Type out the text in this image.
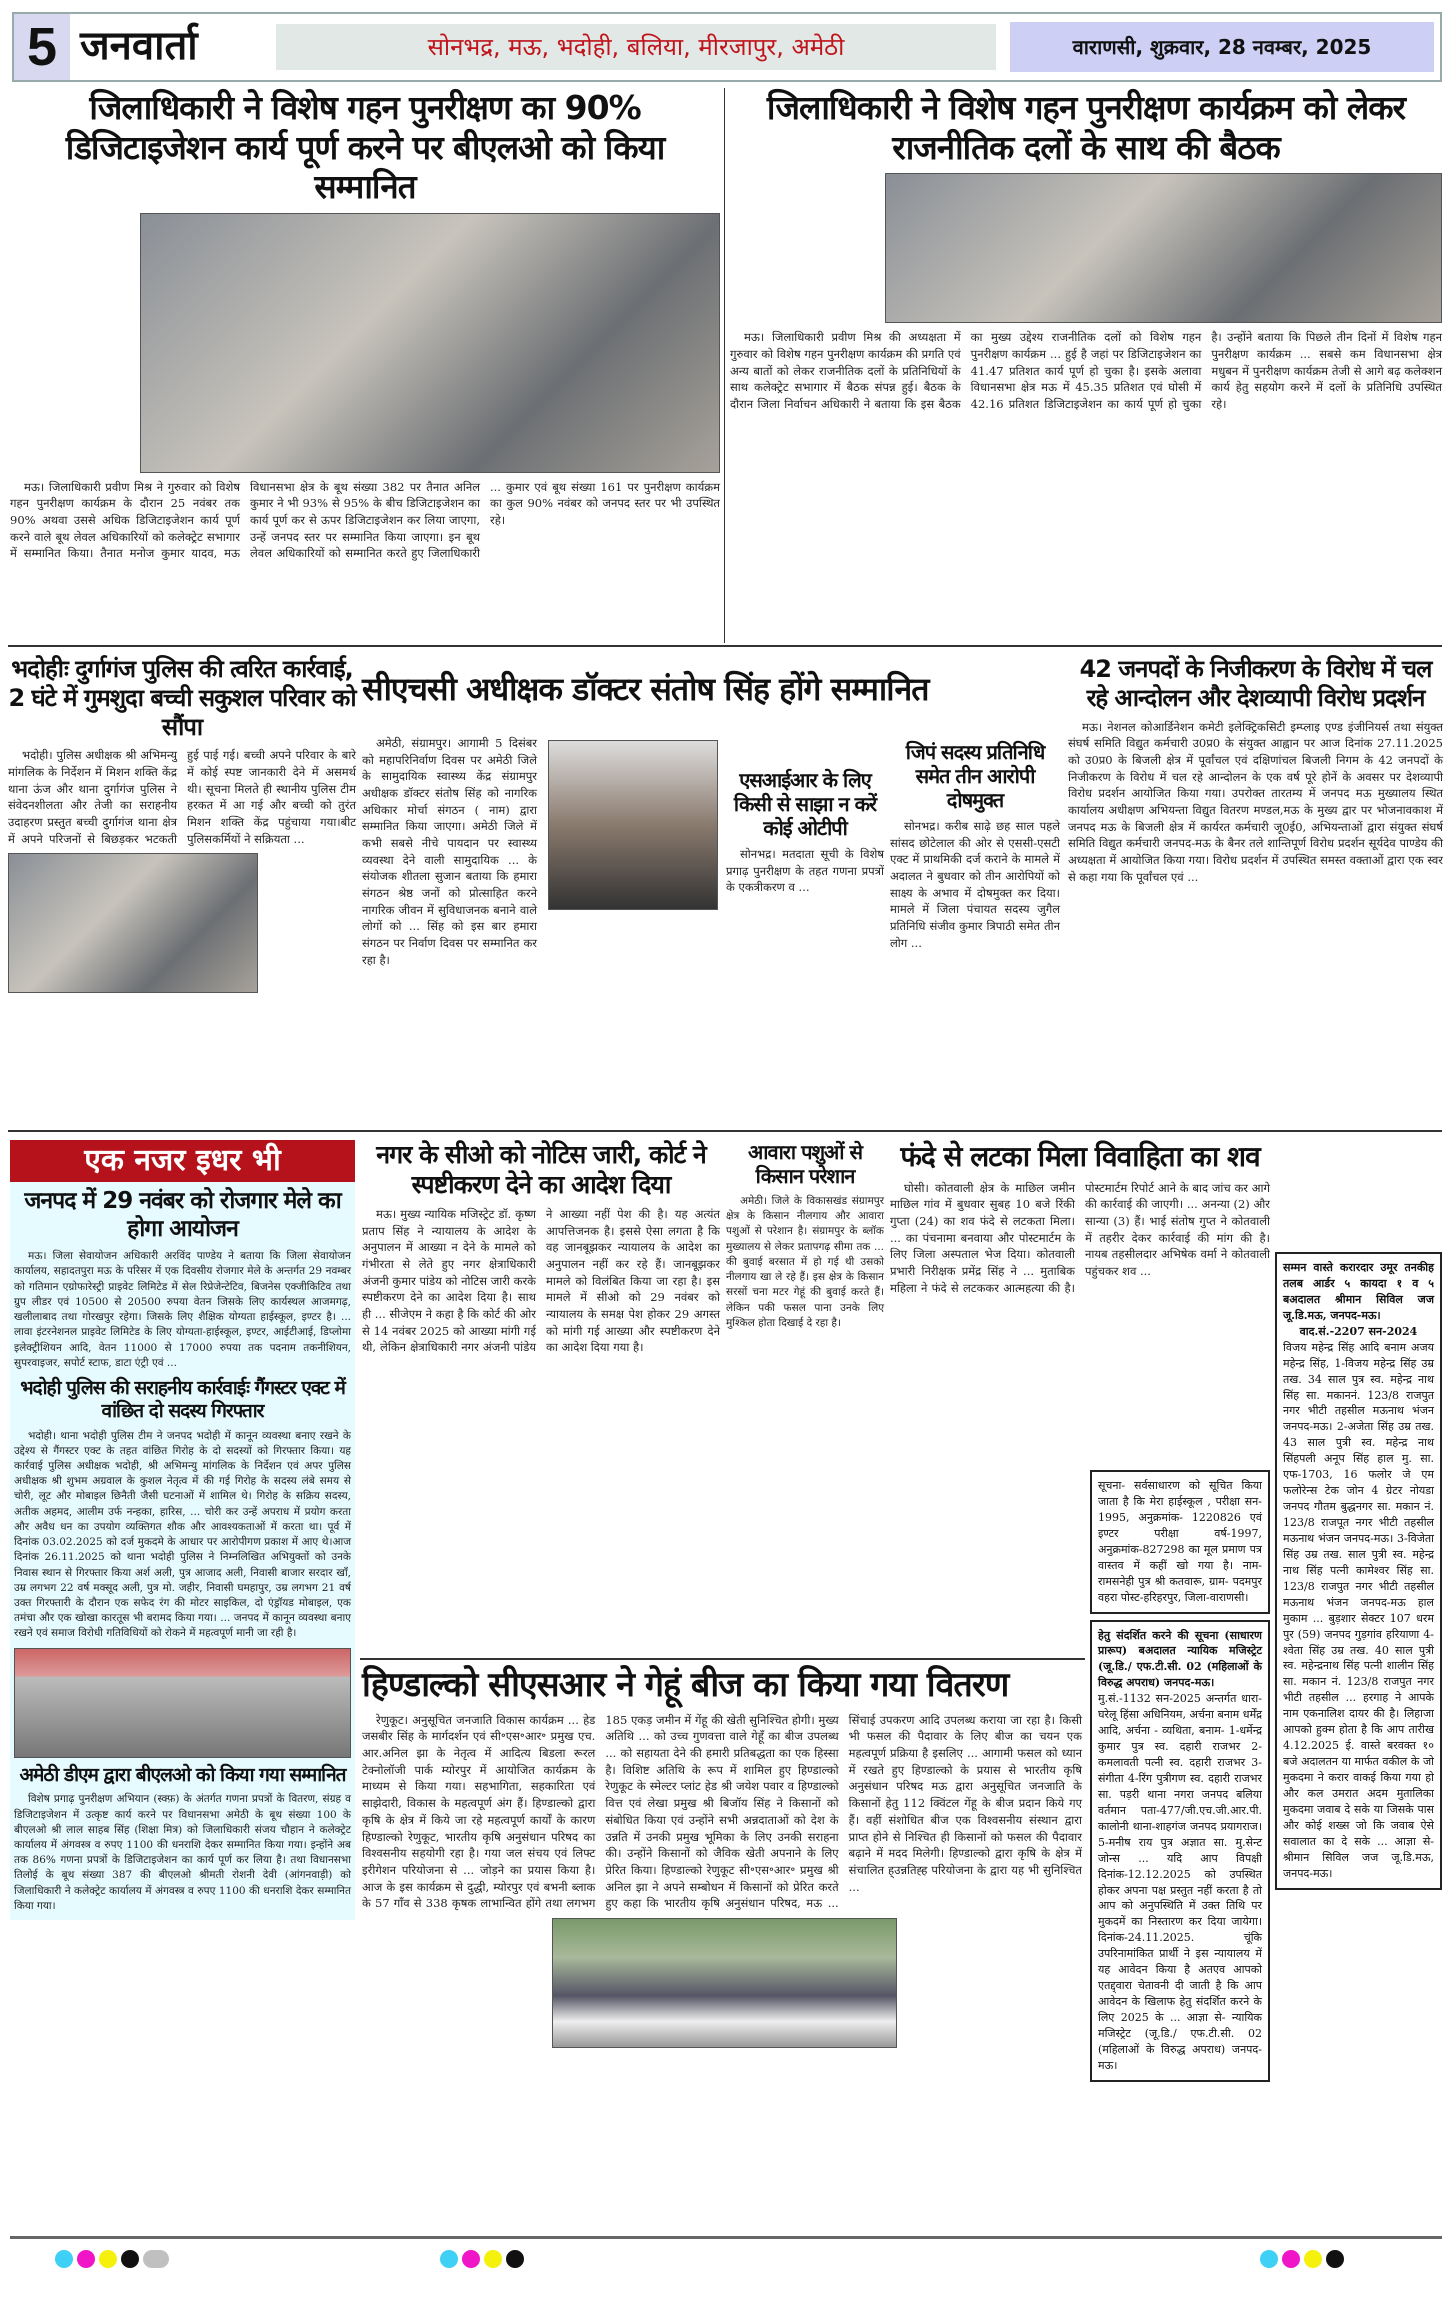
5 जनवार्ता	सोनभद्र, मऊ, भदोही, बलिया, मीरजापुर, अमेठी	वाराणसी, शुक्रवार, 28 नवम्बर, 2025
जिलाधिकारी ने विशेष गहन पुनरीक्षण का 90% डिजिटाइजेशन कार्य पूर्ण करने पर बीएलओ को किया सम्मानित

मऊ। जिलाधिकारी प्रवीण मिश्र ने गुरुवार को विशेष गहन पुनरीक्षण कार्यक्रम के दौरान 25 नवंबर तक 90% अथवा उससे अधिक डिजिटाइजेशन कार्य पूर्ण करने वाले बूथ लेवल अधिकारियों को कलेक्ट्रेट सभागार में सम्मानित किया। तैनात मनोज कुमार यादव, मऊ विधानसभा क्षेत्र के बूथ संख्या 382 पर तैनात अनिल कुमार ने भी 93% से 95% के बीच डिजिटाइजेशन का कार्य पूर्ण कर से ऊपर डिजिटाइजेशन कर लिया जाएगा, उन्हें जनपद स्तर पर सम्मानित किया जाएगा। इन बूथ लेवल अधिकारियों को सम्मानित करते हुए जिलाधिकारी ... कुमार एवं बूथ संख्या 161 पर पुनरीक्षण कार्यक्रम का कुल 90% नवंबर को जनपद स्तर पर भी उपस्थित रहे।

जिलाधिकारी ने विशेष गहन पुनरीक्षण कार्यक्रम को लेकर राजनीतिक दलों के साथ की बैठक

मऊ। जिलाधिकारी प्रवीण मिश्र की अध्यक्षता में गुरुवार को विशेष गहन पुनरीक्षण कार्यक्रम की प्रगति एवं अन्य बातों को लेकर राजनीतिक दलों के प्रतिनिधियों के साथ कलेक्ट्रेट सभागार में बैठक संपन्न हुई। बैठक के दौरान जिला निर्वाचन अधिकारी ने बताया कि इस बैठक का मुख्य उद्देश्य राजनीतिक दलों को विशेष गहन पुनरीक्षण कार्यक्रम ... हुई है जहां पर डिजिटाइजेशन का 41.47 प्रतिशत कार्य पूर्ण हो चुका है। इसके अलावा विधानसभा क्षेत्र मऊ में 45.35 प्रतिशत एवं घोसी में 42.16 प्रतिशत डिजिटाइजेशन का कार्य पूर्ण हो चुका है। उन्होंने बताया कि पिछले तीन दिनों में विशेष गहन पुनरीक्षण कार्यक्रम ... सबसे कम विधानसभा क्षेत्र मधुबन में पुनरीक्षण कार्यक्रम तेजी से आगे बढ़ कलेक्शन कार्य हेतु सहयोग करने में दलों के प्रतिनिधि उपस्थित रहे।

भदोहीः दुर्गागंज पुलिस की त्वरित कार्रवाई, 2 घंटे में गुमशुदा बच्ची सकुशल परिवार को सौंपा

भदोही। पुलिस अधीक्षक श्री अभिमन्यु मांगलिक के निर्देशन में मिशन शक्ति केंद्र थाना ऊंज और थाना दुर्गागंज पुलिस ने संवेदनशीलता और तेजी का सराहनीय उदाहरण प्रस्तुत बच्ची दुर्गागंज थाना क्षेत्र में अपने परिजनों से बिछड़कर भटकती हुई पाई गई। बच्ची अपने परिवार के बारे में कोई स्पष्ट जानकारी देने में असमर्थ थी। सूचना मिलते ही स्थानीय पुलिस टीम हरकत में आ गई और बच्ची को तुरंत मिशन शक्ति केंद्र पहुंचाया गया।बीट पुलिसकर्मियों ने सक्रियता ...

सीएचसी अधीक्षक डॉक्टर संतोष सिंह होंगे सम्मानित

अमेठी, संग्रामपुर। आगामी 5 दिसंबर को महापरिनिर्वाण दिवस पर अमेठी जिले के सामुदायिक स्वास्थ्य केंद्र संग्रामपुर अधीक्षक डॉक्टर संतोष सिंह को नागरिक अधिकार मोर्चा संगठन ( नाम) द्वारा सम्मानित किया जाएगा। अमेठी जिले में कभी सबसे नीचे पायदान पर स्वास्थ्य व्यवस्था देने वाली सामुदायिक ... के संयोजक शीतला सुजान बताया कि हमारा संगठन श्रेष्ठ जनों को प्रोत्साहित करने नागरिक जीवन में सुविधाजनक बनाने वाले लोगों को ... सिंह को इस बार हमारा संगठन पर निर्वाण दिवस पर सम्मानित कर रहा है।

एसआईआर के लिए किसी से साझा न करें कोई ओटीपी

सोनभद्र। मतदाता सूची के विशेष प्रगाढ़ पुनरीक्षण के तहत गणना प्रपत्रों के एकत्रीकरण व ...

जिपं सदस्य प्रतिनिधि समेत तीन आरोपी दोषमुक्त

सोनभद्र। करीब साढ़े छह साल पहले सांसद छोटेलाल की ओर से एससी-एसटी एक्ट में प्राथमिकी दर्ज कराने के मामले में अदालत ने बुधवार को तीन आरोपियों को साक्ष्य के अभाव में दोषमुक्त कर दिया। मामले में जिला पंचायत सदस्य जुगैल प्रतिनिधि संजीव कुमार त्रिपाठी समेत तीन लोग ...

42 जनपदों के निजीकरण के विरोध में चल रहे आन्दोलन और देशव्यापी विरोध प्रदर्शन

मऊ। नेशनल कोआर्डिनेशन कमेटी इलेक्ट्रिकसिटी इम्प्लाइ एण्ड इंजीनियर्स तथा संयुक्त संघर्ष समिति विद्युत कर्मचारी उ0प्र0 के संयुक्त आह्वान पर आज दिनांक 27.11.2025 को उ0प्र0 के बिजली क्षेत्र में पूर्वांचल एवं दक्षिणांचल बिजली निगम के 42 जनपदों के निजीकरण के विरोध में चल रहे आन्दोलन के एक वर्ष पूरे होनें के अवसर पर देशव्यापी विरोध प्रदर्शन आयोजित किया गया। उपरोक्त तारतम्य में जनपद मऊ मुख्यालय स्थित कार्यालय अधीक्षण अभियन्ता विद्युत वितरण मण्डल,मऊ के मुख्य द्वार पर भोजनावकाश में जनपद मऊ के बिजली क्षेत्र में कार्यरत कर्मचारी जू0ई0, अभियन्ताओं द्वारा संयुक्त संघर्ष समिति विद्युत कर्मचारी जनपद-मऊ के बैनर तले शान्तिपूर्ण विरोध प्रदर्शन सूर्यदेव पाण्डेय की अध्यक्षता में आयोजित किया गया। विरोध प्रदर्शन में उपस्थित समस्त वक्ताओं द्वारा एक स्वर से कहा गया कि पूर्वांचल एवं ...

एक नजर इधर भी
जनपद में 29 नवंबर को रोजगार मेले का होगा आयोजन

मऊ। जिला सेवायोजन अधिकारी अरविंद पाण्डेय ने बताया कि जिला सेवायोजन कार्यालय, सहादतपुरा मऊ के परिसर में एक दिवसीय रोजगार मेले के अन्तर्गत 29 नवम्बर को गतिमान एग्रोफारेस्ट्री प्राइवेट लिमिटेड में सेल रिप्रेजेन्टेटिव, बिजनेस एक्जीकिटिव तथा ग्रुप लीडर एवं 10500 से 20500 रुपया वेतन जिसके लिए कार्यस्थल आजमगढ़, खलीलाबाद तथा गोरखपुर रहेगा। जिसके लिए शैक्षिक योग्यता हाईस्कूल, इण्टर है। ... लावा इंटरनेशनल प्राइवेट लिमिटेड के लिए योग्यता-हाईस्कूल, इण्टर, आईटीआई, डिप्लोमा इलेक्ट्रीशियन आदि, वेतन 11000 से 17000 रुपया तक पदनाम तकनीशियन, सुपरवाइजर, सपोर्ट स्टाफ, डाटा एंट्री एवं ...

भदोही पुलिस की सराहनीय कार्रवाईः गैंगस्टर एक्ट में वांछित दो सदस्य गिरफ्तार

भदोही। थाना भदोही पुलिस टीम ने जनपद भदोही में कानून व्यवस्था बनाए रखने के उद्देश्य से गैंगस्टर एक्ट के तहत वांछित गिरोह के दो सदस्यों को गिरफ्तार किया। यह कार्रवाई पुलिस अधीक्षक भदोही, श्री अभिमन्यु मांगलिक के निर्देशन एवं अपर पुलिस अधीक्षक श्री शुभम अग्रवाल के कुशल नेतृत्व में की गई गिरोह के सदस्य लंबे समय से चोरी, लूट और मोबाइल छिनैती जैसी घटनाओं में शामिल थे। गिरोह के सक्रिय सदस्य, अतीक अहमद, आलीम उर्फ नन्हका, हारिस, ... चोरी कर उन्हें अपराध में प्रयोग करता और अवैध धन का उपयोग व्यक्तिगत शौक और आवश्यकताओं में करता था। पूर्व में दिनांक 03.02.2025 को दर्ज मुकदमे के आधार पर आरोपीगण प्रकाश में आए थे।आज दिनांक 26.11.2025 को थाना भदोही पुलिस ने निम्नलिखित अभियुक्तों को उनके निवास स्थान से गिरफ्तार किया अर्श अली, पुत्र आजाद अली, निवासी बाजार सरदार खाँ, उम्र लगभग 22 वर्ष मक्सूद अली, पुत्र मो. जहीर, निवासी घमहापुर, उम्र लगभग 21 वर्ष उक्त गिरफ्तारी के दौरान एक सफेद रंग की मोटर साइकिल, दो एंड्रॉयड मोबाइल, एक तमंचा और एक खोखा कारतूस भी बरामद किया गया। ... जनपद में कानून व्यवस्था बनाए रखने एवं समाज विरोधी गतिविधियों को रोकने में महत्वपूर्ण मानी जा रही है।

अमेठी डीएम द्वारा बीएलओ को किया गया सम्मानित

विशेष प्रगाढ़ पुनरीक्षण अभियान (स्क्फ़) के अंतर्गत गणना प्रपत्रों के वितरण, संग्रह व डिजिटाइजेशन में उत्कृष्ट कार्य करने पर विधानसभा अमेठी के बूथ संख्या 100 के बीएलओ श्री लाल साहब सिंह (शिक्षा मित्र) को जिलाधिकारी संजय चौहान ने कलेक्ट्रेट कार्यालय में अंगवस्त्र व रुपए 1100 की धनराशि देकर सम्मानित किया गया। इन्होंने अब तक 86% गणना प्रपत्रों के डिजिटाइजेशन का कार्य पूर्ण कर लिया है। तथा विधानसभा तिलोई के बूथ संख्या 387 की बीएलओ श्रीमती रोशनी देवी (आंगनवाड़ी) को जिलाधिकारी ने कलेक्ट्रेट कार्यालय में अंगवस्त्र व रुपए 1100 की धनराशि देकर सम्मानित किया गया।

नगर के सीओ को नोटिस जारी, कोर्ट ने स्पष्टीकरण देने का आदेश दिया

मऊ। मुख्य न्यायिक मजिस्ट्रेट डॉ. कृष्ण प्रताप सिंह ने न्यायालय के आदेश के अनुपालन में आख्या न देने के मामले को गंभीरता से लेते हुए नगर क्षेत्राधिकारी अंजनी कुमार पांडेय को नोटिस जारी करके स्पष्टीकरण देने का आदेश दिया है। साथ ही ... सीजेएम ने कहा है कि कोर्ट की ओर से 14 नवंबर 2025 को आख्या मांगी गई थी, लेकिन क्षेत्राधिकारी नगर अंजनी पांडेय ने आख्या नहीं पेश की है। यह अत्यंत आपत्तिजनक है। इससे ऐसा लगता है कि वह जानबूझकर न्यायालय के आदेश का अनुपालन नहीं कर रहे हैं। जानबूझकर मामले को विलंबित किया जा रहा है। इस मामले में सीओ को 29 नवंबर को न्यायालय के समक्ष पेश होकर 29 अगस्त को मांगी गई आख्या और स्पष्टीकरण देने का आदेश दिया गया है।

आवारा पशुओं से किसान परेशान

अमेठी। जिले के विकासखंड संग्रामपुर क्षेत्र के किसान नीलगाय और आवारा पशुओं से परेशान है। संग्रामपुर के ब्लॉक मुख्यालय से लेकर प्रतापगढ़ सीमा तक ... की बुवाई बरसात में हो गई थी उसको नीलगाय खा ले रहे हैं। इस क्षेत्र के किसान सरसों चना मटर गेहूं की बुवाई करते हैं। लेकिन पकी फसल पाना उनके लिए मुश्किल होता दिखाई दे रहा है।

फंदे से लटका मिला विवाहिता का शव

घोसी। कोतवाली क्षेत्र के माछिल जमीन माछिल गांव में बुधवार सुबह 10 बजे रिंकी गुप्ता (24) का शव फंदे से लटकता मिला। ... का पंचनामा बनवाया और पोस्टमार्टम के लिए जिला अस्पताल भेज दिया। कोतवाली प्रभारी निरीक्षक प्रमेंद्र सिंह ने ... मुताबिक महिला ने फंदे से लटककर आत्महत्या की है। पोस्टमार्टम रिपोर्ट आने के बाद जांच कर आगे की कार्रवाई की जाएगी। ... अनन्या (2) और सान्या (3) हैं। भाई संतोष गुप्त ने कोतवाली में तहरीर देकर कार्रवाई की मांग की है। नायब तहसीलदार अभिषेक वर्मा ने कोतवाली पहुंचकर शव ...

सूचना- सर्वसाधारण को सूचित किया जाता है कि मेरा हाईस्कूल , परीक्षा सन- 1995, अनुक्रमांक- 1220826 एवं इण्टर परीक्षा वर्ष-1997, अनुक्रमांक-827298 का मूल प्रमाण पत्र वास्तव में कहीं खो गया है। नाम- रामसनेही पुत्र श्री कतवारू, ग्राम- पदमपुर वहरा पोस्ट-हरिहरपुर, जिला-वाराणसी।
हेतु संदर्शित करने की सूचना (साधारण प्रारूप) बअदालत न्यायिक मजिस्ट्रेट (जू.डि./ एफ.टी.सी. 02 (महिलाओं के विरुद्ध अपराध) जनपद-मऊ।
मु.सं.-1132 सन-2025 अन्तर्गत धारा-घरेलू हिंसा अधिनियम, अर्चना बनाम धर्मेंद्र आदि, अर्चना - व्यथिता, बनाम- 1-धर्मेन्द्र कुमार पुत्र स्व. दहारी राजभर 2-कमलावती पत्नी स्व. दहारी राजभर 3-संगीता 4-रिंग पुत्रीगण स्व. दहारी राजभर सा. पड़री थाना नगरा जनपद बलिया वर्तमान पता-477/जी.एच.जी.आर.पी. कालोनी थाना-शाहगंज जनपद प्रयागराज। 5-मनीष राय पुत्र अज्ञात सा. मु.सेन्ट जोन्स ... यदि आप विपक्षी दिनांक-12.12.2025 को उपस्थित होकर अपना पक्ष प्रस्तुत नहीं करता है तो आप को अनुपस्थिति में उक्त तिथि पर मुकदमें का निस्तारण कर दिया जायेगा। दिनांक-24.11.2025. चूंकि उपरिनामांकित प्रार्थी ने इस न्यायालय में यह आवेदन किया है अतएव आपको एतद्द्वारा चेतावनी दी जाती है कि आप आवेदन के खिलाफ हेतु संदर्शित करने के लिए 2025 के ... आज्ञा से- न्यायिक मजिस्ट्रेट (जू.डि./ एफ.टी.सी. 02 (महिलाओं के विरुद्ध अपराध) जनपद-मऊ।
सम्मन वास्ते करारदार उमूर तनकीह तलब आर्डर ५ कायदा १ व ५ बअदालत श्रीमान सिविल जज जू.डि.मऊ, जनपद-मऊ।

वाद.सं.-2207 सन-2024
विजय महेन्द्र सिंह आदि बनाम अजय महेन्द्र सिंह, 1-विजय महेन्द्र सिंह उम्र तख. 34 साल पुत्र स्व. महेन्द्र नाथ सिंह सा. मकाननं. 123/8 राजपुत नगर भीटी तहसील मऊनाथ भंजन जनपद-मऊ। 2-अजेता सिंह उम्र तख. 43 साल पुत्री स्व. महेन्द्र नाथ सिंहपली अनूप सिंह हाल मु. सा. एफ-1703, 16 फलोर जे एम फलोरेन्स टेक जोन 4 ग्रेटर नोयडा जनपद गौतम बुद्धनगर सा. मकान नं. 123/8 राजपूत नगर भीटी तहसील मऊनाथ भंजन जनपद-मऊ। 3-विजेता सिंह उम्र तख. साल पुत्री स्व. महेन्द्र नाथ सिंह पत्नी कामेश्वर सिंह सा. 123/8 राजपुत नगर भीटी तहसील मऊनाथ भंजन जनपद-मऊ हाल मुकाम ... बुड़शार सेक्टर 107 धरम पुर (59) जनपद गुड़गांव हरियाणा 4-श्वेता सिंह उम्र तख. 40 साल पुत्री स्व. महेन्द्रनाथ सिंह पत्नी शालीन सिंह सा. मकान नं. 123/8 राजपुत नगर भीटी तहसील ... हरगाह ने आपके नाम एकनालिश दायर की है। लिहाजा आपको हुक्म होता है कि आप तारीख 4.12.2025 ई. वास्ते बरवक्त १० बजे अदालतन या मार्फत वकील के जो मुकदमा ने करार वाकई किया गया हो और कल उमरात अदम मुतालिका मुकदमा जवाब दे सके या जिसके पास और कोई शख्स जो कि जवाब ऐसे सवालात का दे सके ... आज्ञा से- श्रीमान सिविल जज जू.डि.मऊ, जनपद-मऊ।
हिण्डाल्को सीएसआर ने गेहूं बीज का किया गया वितरण

रेणुकूट। अनुसूचित जनजाति विकास कार्यक्रम ... हेड जसबीर सिंह के मार्गदर्शन एवं सी॰एस॰आर॰ प्रमुख एच. आर.अनिल झा के नेतृत्व में आदित्य बिडला रूरल टेक्नोलॉजी पार्क म्योरपुर में आयोजित कार्यक्रम के माध्यम से किया गया। सहभागिता, सहकारिता एवं साझेदारी, विकास के महत्वपूर्ण अंग हैं। हिण्डाल्को द्वारा कृषि के क्षेत्र में किये जा रहे महत्वपूर्ण कार्यों के कारण हिण्डाल्को रेणुकूट, भारतीय कृषि अनुसंधान परिषद का विश्वसनीय सहयोगी रहा है। गया जल संचय एवं लिफ्ट इरीगेशन परियोजना से ... जोड़ने का प्रयास किया है। आज के इस कार्यक्रम से दुद्धी, म्योरपुर एवं बभनी ब्लाक के 57 गाँव से 338 कृषक लाभान्वित होंगे तथा लगभग 185 एकड़ जमीन में गेंहू की खेती सुनिश्चित होगी। मुख्य अतिथि ... को उच्च गुणवत्ता वाले गेहूँ का बीज उपलब्ध ... को सहायता देने की हमारी प्रतिबद्धता का एक हिस्सा है। विशिष्ट अतिथि के रूप में शामिल हुए हिण्डाल्को रेणुकूट के स्मेल्टर प्लांट हेड श्री जयेश पवार व हिण्डाल्को वित्त एवं लेखा प्रमुख श्री बिजॉय सिंह ने किसानों को संबोधित किया एवं उन्होंने सभी अन्नदाताओं को देश के उन्नति में उनकी प्रमुख भूमिका के लिए उनकी सराहना की। उन्होंने किसानों को जैविक खेती अपनाने के लिए प्रेरित किया। हिण्डाल्को रेणुकूट सी॰एस॰आर॰ प्रमुख श्री अनिल झा ने अपने सम्बोधन में किसानों को प्रेरित करते हुए कहा कि भारतीय कृषि अनुसंधान परिषद, मऊ ... सिंचाई उपकरण आदि उपलब्ध कराया जा रहा है। किसी भी फसल की पैदावार के लिए बीज का चयन एक महत्वपूर्ण प्रक्रिया है इसलिए ... आगामी फसल को ध्यान में रखते हुए हिण्डाल्को के प्रयास से भारतीय कृषि अनुसंधान परिषद मऊ द्वारा अनुसूचित जनजाति के किसानों हेतु 112 क्विंटल गेंहू के बीज प्रदान किये गए हैं। वहीं संशोधित बीज एक विश्वसनीय संस्थान द्वारा प्राप्त होने से निश्चित ही किसानों को फसल की पैदावार बढ़ाने में मदद मिलेगी। हिण्डाल्को द्वारा कृषि के क्षेत्र में संचालित ह्उन्नतिह्ह परियोजना के द्वारा यह भी सुनिश्चित ...
